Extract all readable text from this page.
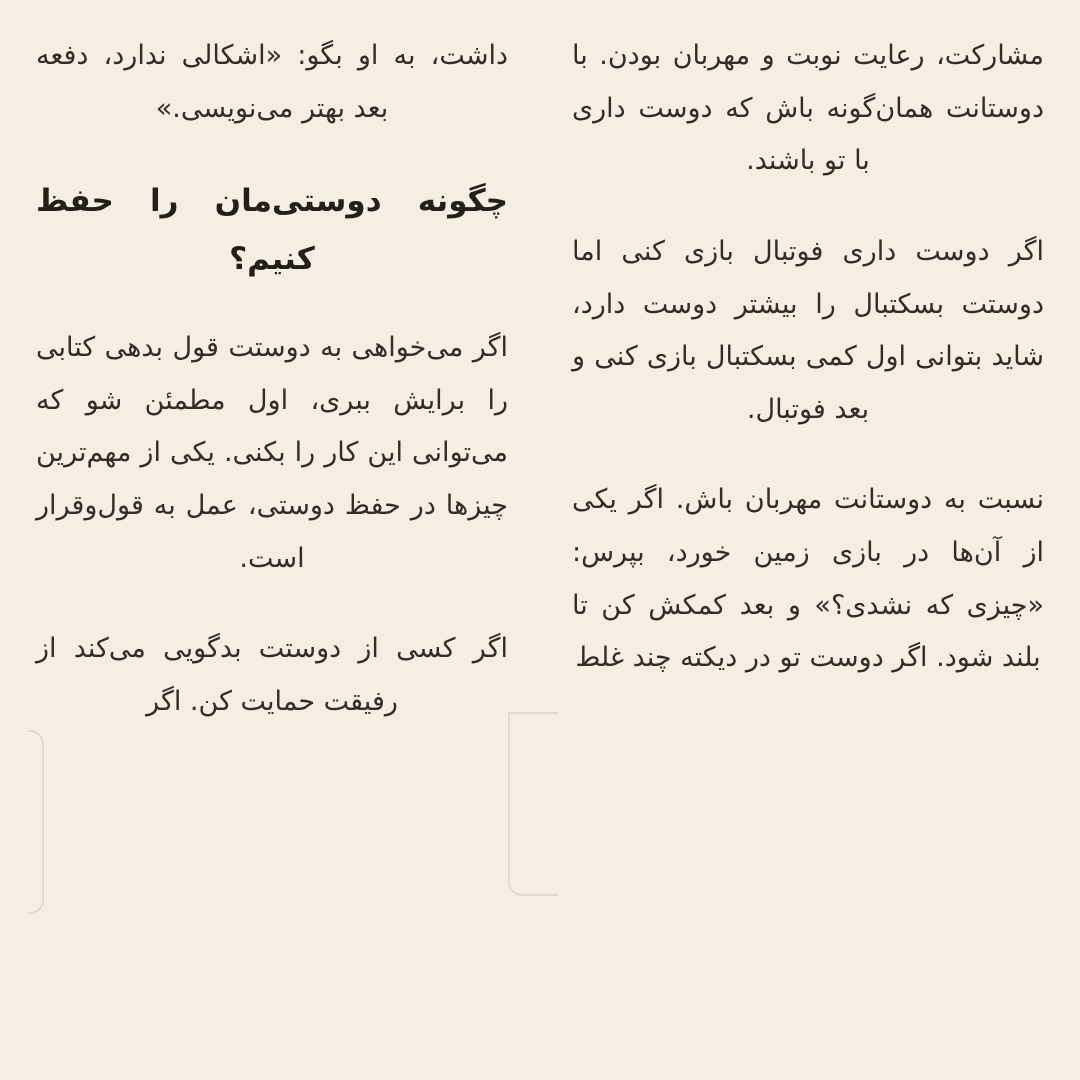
مشارکت، رعایت نوبت و مهربان بودن. با دوستانت همان‌گونه باش که دوست داری با تو باشند.

اگر دوست داری فوتبال بازی کنی اما دوستت بسکتبال را بیشتر دوست دارد، شاید بتوانی اول کمی بسکتبال بازی کنی و بعد فوتبال.

نسبت به دوستانت مهربان باش. اگر یکی از آن‌ها در بازی زمین خورد، بپرس: «چیزی که نشدی؟» و بعد کمکش کن تا بلند شود. اگر دوست تو در دیکته چند غلط

داشت، به او بگو: «اشکالی ندارد، دفعه بعد بهتر می‌نویسی.»

چگونه دوستی‌مان را حفظ کنیم؟

اگر می‌خواهی به دوستت قول بدهی کتابی را برایش ببری، اول مطمئن شو که می‌توانی این کار را بکنی. یکی از مهم‌ترین چیزها در حفظ دوستی، عمل به قول‌وقرار است.

اگر کسی از دوستت بدگویی می‌کند از رفیقت حمایت کن. اگر
